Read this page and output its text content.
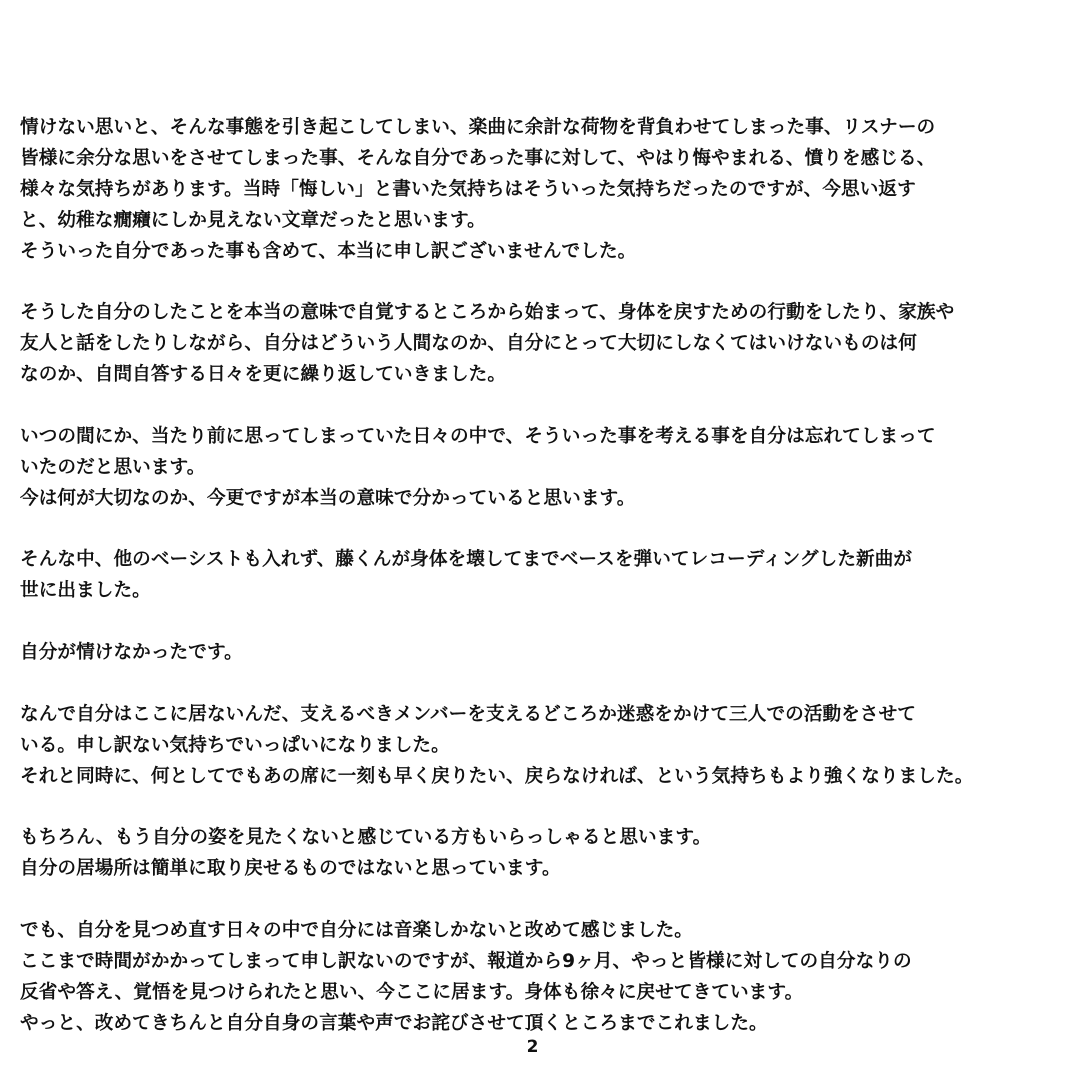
情けない思いと、そんな事態を引き起こしてしまい、楽曲に余計な荷物を背負わせてしまった事、リスナーの
皆様に余分な思いをさせてしまった事、そんな自分であった事に対して、やはり悔やまれる、憤りを感じる、
様々な気持ちがあります。当時「悔しい」と書いた気持ちはそういった気持ちだったのですが、今思い返す
と、幼稚な癇癪にしか見えない文章だったと思います。
そういった自分であった事も含めて、本当に申し訳ございませんでした。
そうした自分のしたことを本当の意味で自覚するところから始まって、身体を戻すための行動をしたり、家族や
友人と話をしたりしながら、自分はどういう人間なのか、自分にとって大切にしなくてはいけないものは何
なのか、自問自答する日々を更に繰り返していきました。
いつの間にか、当たり前に思ってしまっていた日々の中で、そういった事を考える事を自分は忘れてしまって
いたのだと思います。
今は何が大切なのか、今更ですが本当の意味で分かっていると思います。
そんな中、他のベーシストも入れず、藤くんが身体を壊してまでベースを弾いてレコーディングした新曲が
世に出ました。
自分が情けなかったです。
なんで自分はここに居ないんだ、支えるべきメンバーを支えるどころか迷惑をかけて三人での活動をさせて
いる。申し訳ない気持ちでいっぱいになりました。
それと同時に、何としてでもあの席に一刻も早く戻りたい、戻らなければ、という気持ちもより強くなりました。
もちろん、もう自分の姿を見たくないと感じている方もいらっしゃると思います。
自分の居場所は簡単に取り戻せるものではないと思っています。
でも、自分を見つめ直す日々の中で自分には音楽しかないと改めて感じました。
ここまで時間がかかってしまって申し訳ないのですが、報道から9ヶ月、やっと皆様に対しての自分なりの
反省や答え、覚悟を見つけられたと思い、今ここに居ます。身体も徐々に戻せてきています。
やっと、改めてきちんと自分自身の言葉や声でお詫びさせて頂くところまでこれました。
2
